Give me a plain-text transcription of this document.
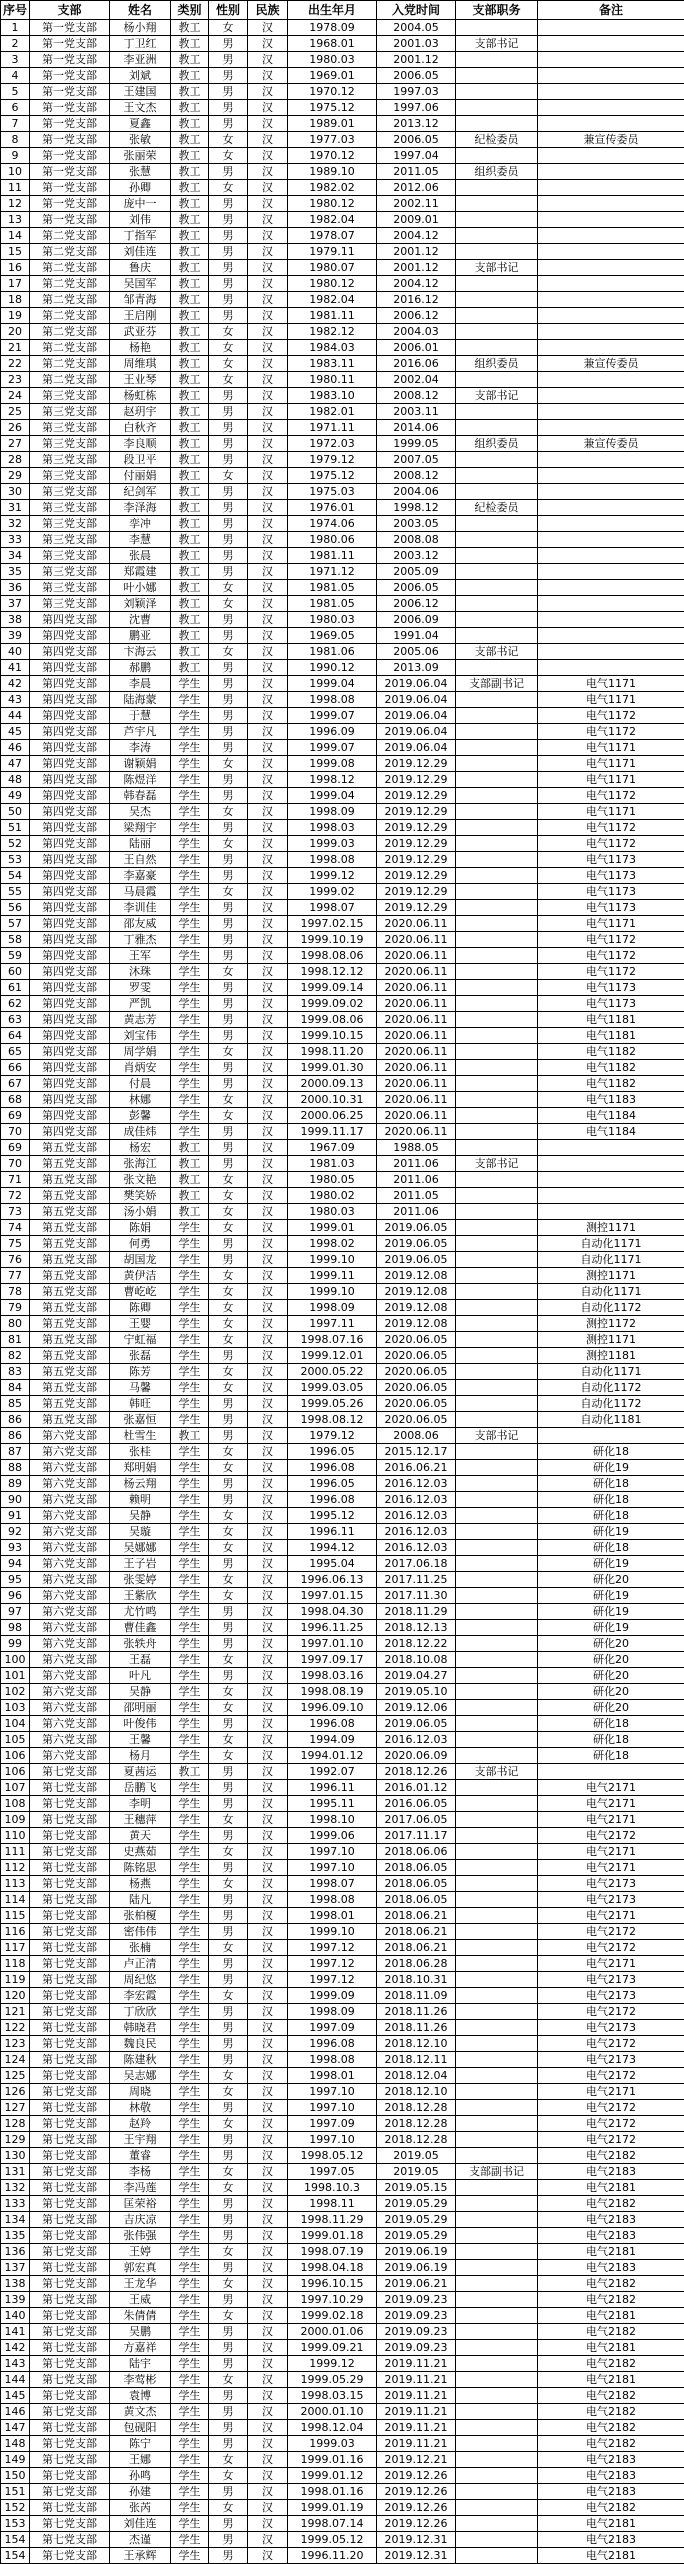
序号	支部	姓名	类别	性别	民族	出生年月	入党时间	支部职务	备注
1	第一党支部	杨小翔	教工	女	汉	1978.09	2004.05		
2	第一党支部	丁卫红	教工	男	汉	1968.01	2001.03	支部书记	
3	第一党支部	李亚洲	教工	男	汉	1980.03	2001.12		
4	第一党支部	刘斌	教工	男	汉	1969.01	2006.05		
5	第一党支部	王建国	教工	男	汉	1970.12	1997.03		
6	第一党支部	王文杰	教工	男	汉	1975.12	1997.06		
7	第一党支部	夏鑫	教工	男	汉	1989.01	2013.12		
8	第一党支部	张敏	教工	女	汉	1977.03	2006.05	纪检委员	兼宣传委员
9	第一党支部	张丽荣	教工	女	汉	1970.12	1997.04		
10	第一党支部	张慧	教工	男	汉	1989.10	2011.05	组织委员	
11	第一党支部	孙卿	教工	女	汉	1982.02	2012.06		
12	第一党支部	庞中一	教工	男	汉	1980.12	2002.11		
13	第一党支部	刘伟	教工	男	汉	1982.04	2009.01		
14	第二党支部	丁指军	教工	男	汉	1978.07	2004.12		
15	第二党支部	刘佳连	教工	男	汉	1979.11	2001.12		
16	第二党支部	鲁庆	教工	男	汉	1980.07	2001.12	支部书记	
17	第二党支部	吴国军	教工	男	汉	1980.12	2004.12		
18	第二党支部	邹青海	教工	男	汉	1982.04	2016.12		
19	第二党支部	王启刚	教工	男	汉	1981.11	2006.12		
20	第二党支部	武亚芬	教工	女	汉	1982.12	2004.03		
21	第二党支部	杨艳	教工	女	汉	1984.03	2006.01		
22	第二党支部	周维琪	教工	女	汉	1983.11	2016.06	组织委员	兼宣传委员
23	第二党支部	王业琴	教工	女	汉	1980.11	2002.04		
24	第三党支部	杨虹栋	教工	男	汉	1983.10	2008.12	支部书记	
25	第三党支部	赵玥宇	教工	男	汉	1982.01	2003.11		
26	第三党支部	白秋齐	教工	男	汉	1971.11	2014.06		
27	第三党支部	李良顺	教工	男	汉	1972.03	1999.05	组织委员	兼宣传委员
28	第三党支部	段卫平	教工	男	汉	1979.12	2007.05		
29	第三党支部	付丽娟	教工	女	汉	1975.12	2008.12		
30	第三党支部	纪剑军	教工	男	汉	1975.03	2004.06		
31	第三党支部	李泽海	教工	男	汉	1976.01	1998.12	纪检委员	
32	第三党支部	孪冲	教工	男	汉	1974.06	2003.05		
33	第三党支部	李慧	教工	男	汉	1980.06	2008.08		
34	第三党支部	张晨	教工	男	汉	1981.11	2003.12		
35	第三党支部	郑霞建	教工	男	汉	1971.12	2005.09		
36	第三党支部	叶小娜	教工	女	汉	1981.05	2006.05		
37	第三党支部	刘颖泽	教工	女	汉	1981.05	2006.12		
38	第四党支部	沈曹	教工	男	汉	1980.03	2006.09		
39	第四党支部	鹏亚	教工	男	汉	1969.05	1991.04		
40	第四党支部	卞海云	教工	女	汉	1981.06	2005.06	支部书记	
41	第四党支部	郝鹏	教工	男	汉	1990.12	2013.09		
42	第四党支部	李晨	学生	男	汉	1999.04	2019.06.04	支部副书记	电气1171
43	第四党支部	陆海蒙	学生	男	汉	1998.08	2019.06.04		电气1171
44	第四党支部	于慧	学生	男	汉	1999.07	2019.06.04		电气1172
45	第四党支部	芦宇凡	学生	男	汉	1996.09	2019.06.04		电气1172
46	第四党支部	李涛	学生	男	汉	1999.07	2019.06.04		电气1171
47	第四党支部	谢颖娟	学生	女	汉	1999.08	2019.12.29		电气1171
48	第四党支部	陈煜洋	学生	男	汉	1998.12	2019.12.29		电气1171
49	第四党支部	韩春磊	学生	男	汉	1999.04	2019.12.29		电气1172
50	第四党支部	吴杰	学生	女	汉	1998.09	2019.12.29		电气1171
51	第四党支部	梁翔宇	学生	男	汉	1998.03	2019.12.29		电气1172
52	第四党支部	陆丽	学生	女	汉	1999.03	2019.12.29		电气1172
53	第四党支部	王自然	学生	男	汉	1998.08	2019.12.29		电气1173
54	第四党支部	李嘉豪	学生	男	汉	1999.12	2019.12.29		电气1173
55	第四党支部	马晨霞	学生	女	汉	1999.02	2019.12.29		电气1173
56	第四党支部	李训佳	学生	男	汉	1998.07	2019.12.29		电气1173
57	第四党支部	邵友威	学生	男	汉	1997.02.15	2020.06.11		电气1171
58	第四党支部	丁雅杰	学生	男	汉	1999.10.19	2020.06.11		电气1172
59	第四党支部	王军	学生	男	汉	1998.08.06	2020.06.11		电气1172
60	第四党支部	沐珠	学生	女	汉	1998.12.12	2020.06.11		电气1172
61	第四党支部	罗雯	学生	男	汉	1999.09.14	2020.06.11		电气1173
62	第四党支部	严凯	学生	男	汉	1999.09.02	2020.06.11		电气1173
63	第四党支部	黄志芳	学生	男	汉	1999.08.06	2020.06.11		电气1181
64	第四党支部	刘宝伟	学生	男	汉	1999.10.15	2020.06.11		电气1181
65	第四党支部	周学娟	学生	女	汉	1998.11.20	2020.06.11		电气1182
66	第四党支部	肖炳安	学生	男	汉	1999.01.30	2020.06.11		电气1182
67	第四党支部	付晨	学生	男	汉	2000.09.13	2020.06.11		电气1182
68	第四党支部	林娜	学生	女	汉	2000.10.31	2020.06.11		电气1183
69	第四党支部	彭馨	学生	女	汉	2000.06.25	2020.06.11		电气1184
70	第四党支部	成佳炜	学生	男	汉	1999.11.17	2020.06.11		电气1184
69	第五党支部	杨宏	教工	男	汉	1967.09	1988.05		
70	第五党支部	张海江	教工	男	汉	1981.03	2011.06	支部书记	
71	第五党支部	张文艳	教工	女	汉	1980.05	2011.06		
72	第五党支部	樊笑娇	教工	女	汉	1980.02	2011.05		
73	第五党支部	汤小娟	教工	女	汉	1980.03	2011.06		
74	第五党支部	陈娟	学生	女	汉	1999.01	2019.06.05		测控1171
75	第五党支部	何勇	学生	男	汉	1998.02	2019.06.05		自动化1171
76	第五党支部	胡国龙	学生	男	汉	1999.10	2019.06.05		自动化1171
77	第五党支部	黄伊洁	学生	女	汉	1999.11	2019.12.08		测控1171
78	第五党支部	曹屹屹	学生	女	汉	1999.10	2019.12.08		自动化1171
79	第五党支部	陈卿	学生	女	汉	1998.09	2019.12.08		自动化1172
80	第五党支部	王婴	学生	女	汉	1997.11	2019.12.08		测控1172
81	第五党支部	宁虹福	学生	女	汉	1998.07.16	2020.06.05		测控1171
82	第五党支部	张磊	学生	男	汉	1999.12.01	2020.06.05		测控1181
83	第五党支部	陈芳	学生	女	汉	2000.05.22	2020.06.05		自动化1171
84	第五党支部	马馨	学生	女	汉	1999.03.05	2020.06.05		自动化1172
85	第五党支部	韩旺	学生	男	汉	1999.05.26	2020.06.05		自动化1172
86	第五党支部	张嘉恒	学生	男	汉	1998.08.12	2020.06.05		自动化1181
86	第六党支部	杜雪生	教工	男	汉	1979.12	2008.06	支部书记	
87	第六党支部	张桂	学生	女	汉	1996.05	2015.12.17		研化18
88	第六党支部	郑明娟	学生	女	汉	1996.08	2016.06.21		研化19
89	第六党支部	杨云翔	学生	男	汉	1996.05	2016.12.03		研化18
90	第六党支部	赖明	学生	男	汉	1996.08	2016.12.03		研化18
91	第六党支部	吴静	学生	女	汉	1995.12	2016.12.03		研化18
92	第六党支部	吴璇	学生	女	汉	1996.11	2016.12.03		研化19
93	第六党支部	吴娜娜	学生	女	汉	1994.12	2016.12.03		研化18
94	第六党支部	王子岩	学生	男	汉	1995.04	2017.06.18		研化19
95	第六党支部	张雯婷	学生	女	汉	1996.06.13	2017.11.25		研化20
96	第六党支部	王紫欣	学生	女	汉	1997.01.15	2017.11.30		研化19
97	第六党支部	尤竹鸣	学生	男	汉	1998.04.30	2018.11.29		研化19
98	第六党支部	曹佳鑫	学生	男	汉	1996.11.25	2018.12.13		研化19
99	第六党支部	张轶舟	学生	男	汉	1997.01.10	2018.12.22		研化20
100	第六党支部	王磊	学生	女	汉	1997.09.17	2018.10.08		研化20
101	第六党支部	叶凡	学生	男	汉	1998.03.16	2019.04.27		研化20
102	第六党支部	吴静	学生	女	汉	1998.08.19	2019.05.10		研化20
103	第六党支部	邵明丽	学生	女	汉	1996.09.10	2019.12.06		研化20
104	第六党支部	叶俊伟	学生	男	汉	1996.08	2019.06.05		研化18
105	第六党支部	王馨	学生	女	汉	1994.09	2016.12.03		研化18
106	第六党支部	杨月	学生	女	汉	1994.01.12	2020.06.09		研化18
106	第七党支部	夏茜运	教工	男	汉	1992.07	2018.12.26	支部书记	
107	第七党支部	岳鹏飞	学生	男	汉	1996.11	2016.01.12		电气2171
108	第七党支部	李明	学生	男	汉	1995.11	2016.06.05		电气2171
109	第七党支部	王穗萍	学生	女	汉	1998.10	2017.06.05		电气2171
110	第七党支部	黄天	学生	男	汉	1999.06	2017.11.17		电气2172
111	第七党支部	史燕茹	学生	女	汉	1997.10	2018.06.06		电气2171
112	第七党支部	陈铭思	学生	男	汉	1997.10	2018.06.05		电气2171
113	第七党支部	杨燕	学生	女	汉	1998.07	2018.06.05		电气2173
114	第七党支部	陆凡	学生	男	汉	1998.08	2018.06.05		电气2173
115	第七党支部	张柏榎	学生	男	汉	1998.01	2018.06.21		电气2171
116	第七党支部	密伟伟	学生	男	汉	1999.10	2018.06.21		电气2172
117	第七党支部	张楠	学生	女	汉	1997.12	2018.06.21		电气2172
118	第七党支部	卢正清	学生	男	汉	1997.12	2018.06.28		电气2171
119	第七党支部	周纪悠	学生	男	汉	1997.12	2018.10.31		电气2173
120	第七党支部	李宏霞	学生	女	汉	1999.09	2018.11.09		电气2173
121	第七党支部	丁欣欣	学生	男	汉	1998.09	2018.11.26		电气2172
122	第七党支部	韩晓君	学生	男	汉	1997.09	2018.11.26		电气2173
123	第七党支部	魏良民	学生	男	汉	1996.08	2018.12.10		电气2172
124	第七党支部	陈建秋	学生	男	汉	1998.08	2018.12.11		电气2173
125	第七党支部	吴志娜	学生	女	汉	1998.01	2018.12.04		电气2172
126	第七党支部	周晓	学生	女	汉	1997.10	2018.12.10		电气2171
127	第七党支部	林敬	学生	男	汉	1997.10	2018.12.28		电气2172
128	第七党支部	赵羚	学生	女	汉	1997.09	2018.12.28		电气2172
129	第七党支部	王宇翔	学生	男	汉	1997.10	2018.12.28		电气2172
130	第七党支部	董睿	学生	男	汉	1998.05.12	2019.05		电气2182
131	第七党支部	李杨	学生	女	汉	1997.05	2019.05	支部副书记	电气2183
132	第七党支部	李冯莲	学生	女	汉	1998.10.3	2019.05.15		电气2181
133	第七党支部	匡荣裕	学生	男	汉	1998.11	2019.05.29		电气2182
134	第七党支部	吉庆凉	学生	男	汉	1998.11.29	2019.05.29		电气2183
135	第七党支部	张伟强	学生	男	汉	1999.01.18	2019.05.29		电气2183
136	第七党支部	王婷	学生	女	汉	1998.07.19	2019.06.19		电气2181
137	第七党支部	郭宏真	学生	男	汉	1998.04.18	2019.06.19		电气2183
138	第七党支部	王龙华	学生	女	汉	1996.10.15	2019.06.21		电气2182
139	第七党支部	王威	学生	男	汉	1997.10.29	2019.09.23		电气2182
140	第七党支部	朱倩倩	学生	女	汉	1999.02.18	2019.09.23		电气2181
141	第七党支部	吴鹏	学生	男	汉	2000.01.06	2019.09.23		电气2182
142	第七党支部	方嘉祥	学生	男	汉	1999.09.21	2019.09.23		电气2181
143	第七党支部	陆宇	学生	男	汉	1999.12	2019.11.21		电气2182
144	第七党支部	李莺彬	学生	女	汉	1999.05.29	2019.11.21		电气2181
145	第七党支部	袁博	学生	男	汉	1998.03.15	2019.11.21		电气2182
146	第七党支部	黄文杰	学生	男	汉	2000.01.10	2019.11.21		电气2182
147	第七党支部	包砚阳	学生	男	汉	1998.12.04	2019.11.21		电气2182
148	第七党支部	陈宁	学生	男	汉	1999.03	2019.11.21		电气2182
149	第七党支部	王娜	学生	女	汉	1999.01.16	2019.12.21		电气2183
150	第七党支部	孙鸣	学生	女	汉	1999.01.12	2019.12.26		电气2183
151	第七党支部	孙建	学生	男	汉	1998.01.16	2019.12.26		电气2183
152	第七党支部	张芮	学生	女	汉	1999.01.19	2019.12.26		电气2182
153	第七党支部	刘佳连	学生	男	汉	1998.07.14	2019.12.26		电气2181
154	第七党支部	杰谨	学生	男	汉	1999.05.12	2019.12.31		电气2183
154	第七党支部	王承辉	学生	男	汉	1996.11.20	2019.12.31		电气2181
